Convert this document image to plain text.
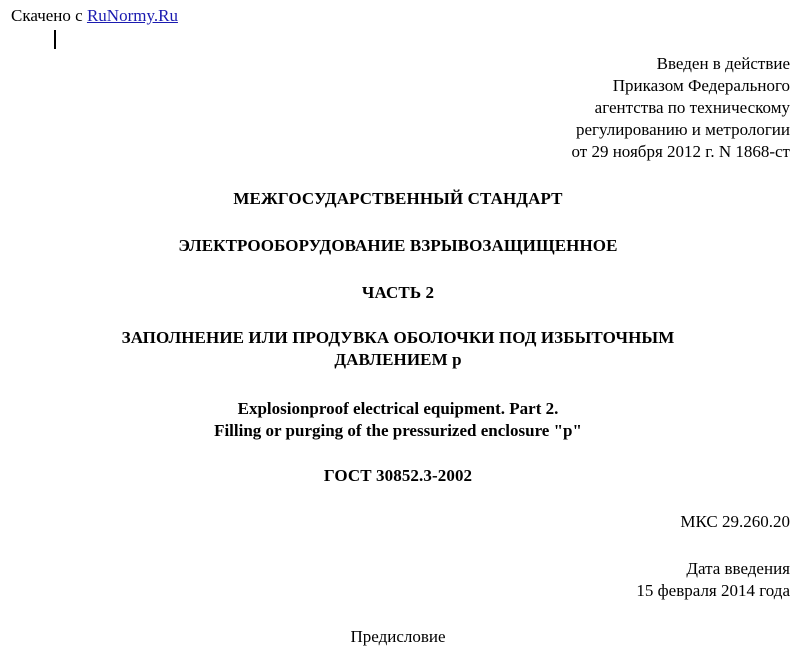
Скачено с RuNormy.Ru
Введен в действие
Приказом Федерального
агентства по техническому
регулированию и метрологии
от 29 ноября 2012 г. N 1868-ст
МЕЖГОСУДАРСТВЕННЫЙ СТАНДАРТ
ЭЛЕКТРООБОРУДОВАНИЕ ВЗРЫВОЗАЩИЩЕННОЕ
ЧАСТЬ 2
ЗАПОЛНЕНИЕ ИЛИ ПРОДУВКА ОБОЛОЧКИ ПОД ИЗБЫТОЧНЫМ
ДАВЛЕНИЕМ р
Explosionproof electrical equipment. Part 2.
Filling or purging of the pressurized enclosure "p"
ГОСТ 30852.3-2002
МКС 29.260.20
Дата введения
15 февраля 2014 года
Предисловие
